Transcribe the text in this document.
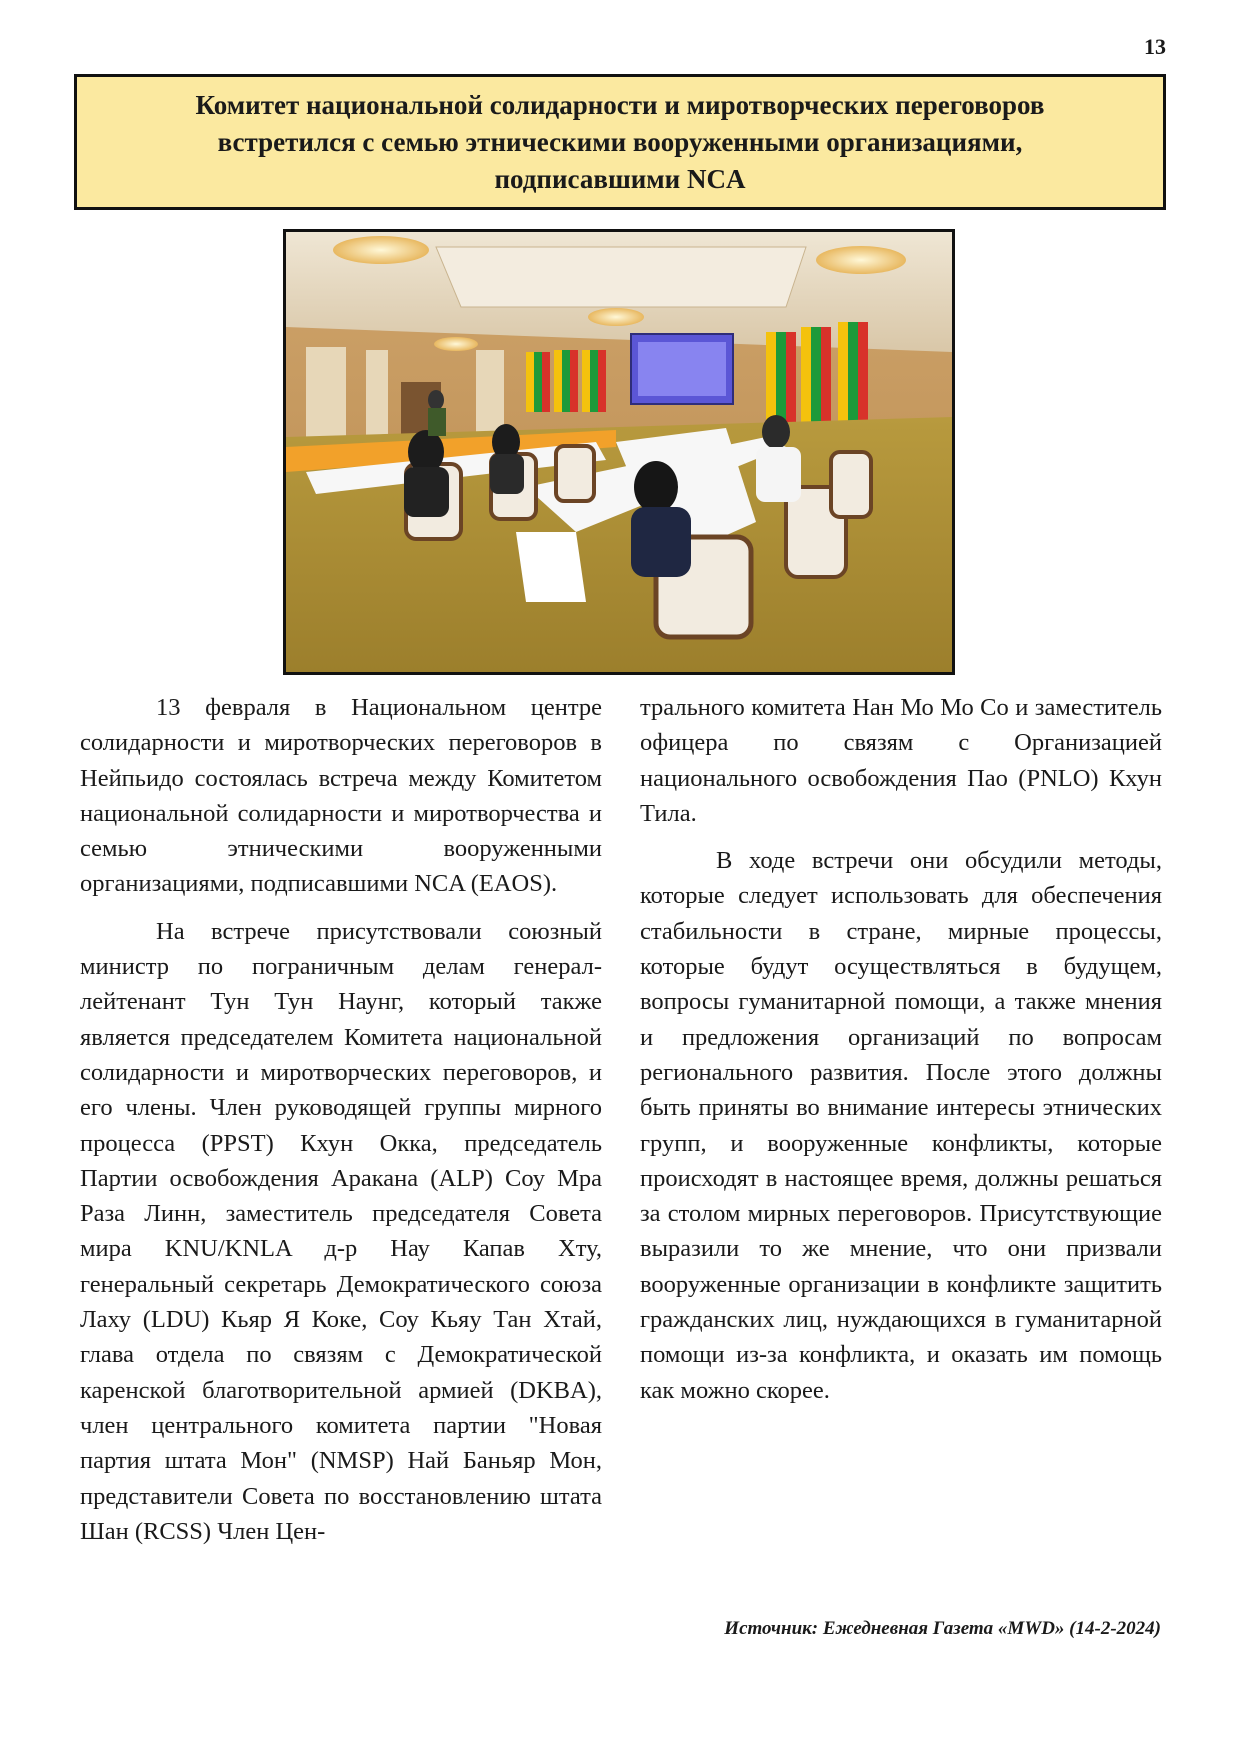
13
Комитет национальной солидарности и миротворческих переговоров
встретился с семью этническими вооруженными организациями,
подписавшими NCA

13 февраля в Национальном центре солидарности и миротворческих переговоров в Нейпьидо состоялась встреча между Комитетом национальной солидарности и миротворчества и семью этническими вооруженными организациями, подписавшими NCA (EAOS).

На встрече присутствовали союзный министр по пограничным делам генерал-лейтенант Тун Тун Наунг, который также является председателем Комитета национальной солидарности и миротворческих переговоров, и его члены. Член руководящей группы мирного процесса (PPST) Кхун Окка, председатель Партии освобождения Аракана (ALP) Соу Мра Раза Линн, заместитель председателя Совета мира KNU/KNLA д-р Нау Капав Хту, генеральный секретарь Демократического союза Лаху (LDU) Кьяр Я Коке, Соу Кьяу Тан Хтай, глава отдела по связям с Демократической каренской благотворительной армией (DKBA), член центрального комитета партии "Новая партия штата Мон" (NMSP) Най Баньяр Мон, представители Совета по восстановлению штата Шан (RCSS) Член Цен-

трального комитета Нан Мо Мо Со и заместитель офицера по связям с Организацией национального освобождения Пао (PNLO) Кхун Тила.

В ходе встречи они обсудили методы, которые следует использовать для обеспечения стабильности в стране, мирные процессы, которые будут осуществляться в будущем, вопросы гуманитарной помощи, а также мнения и предложения организаций по вопросам регионального развития. После этого должны быть приняты во внимание интересы этнических групп, и вооруженные конфликты, которые происходят в настоящее время, должны решаться за столом мирных переговоров. Присутствующие выразили то же мнение, что они призвали вооруженные организации в конфликте защитить гражданских лиц, нуждающихся в гуманитарной помощи из-за конфликта, и оказать им помощь как можно скорее.

Источник: Ежедневная Газета «MWD» (14-2-2024)
